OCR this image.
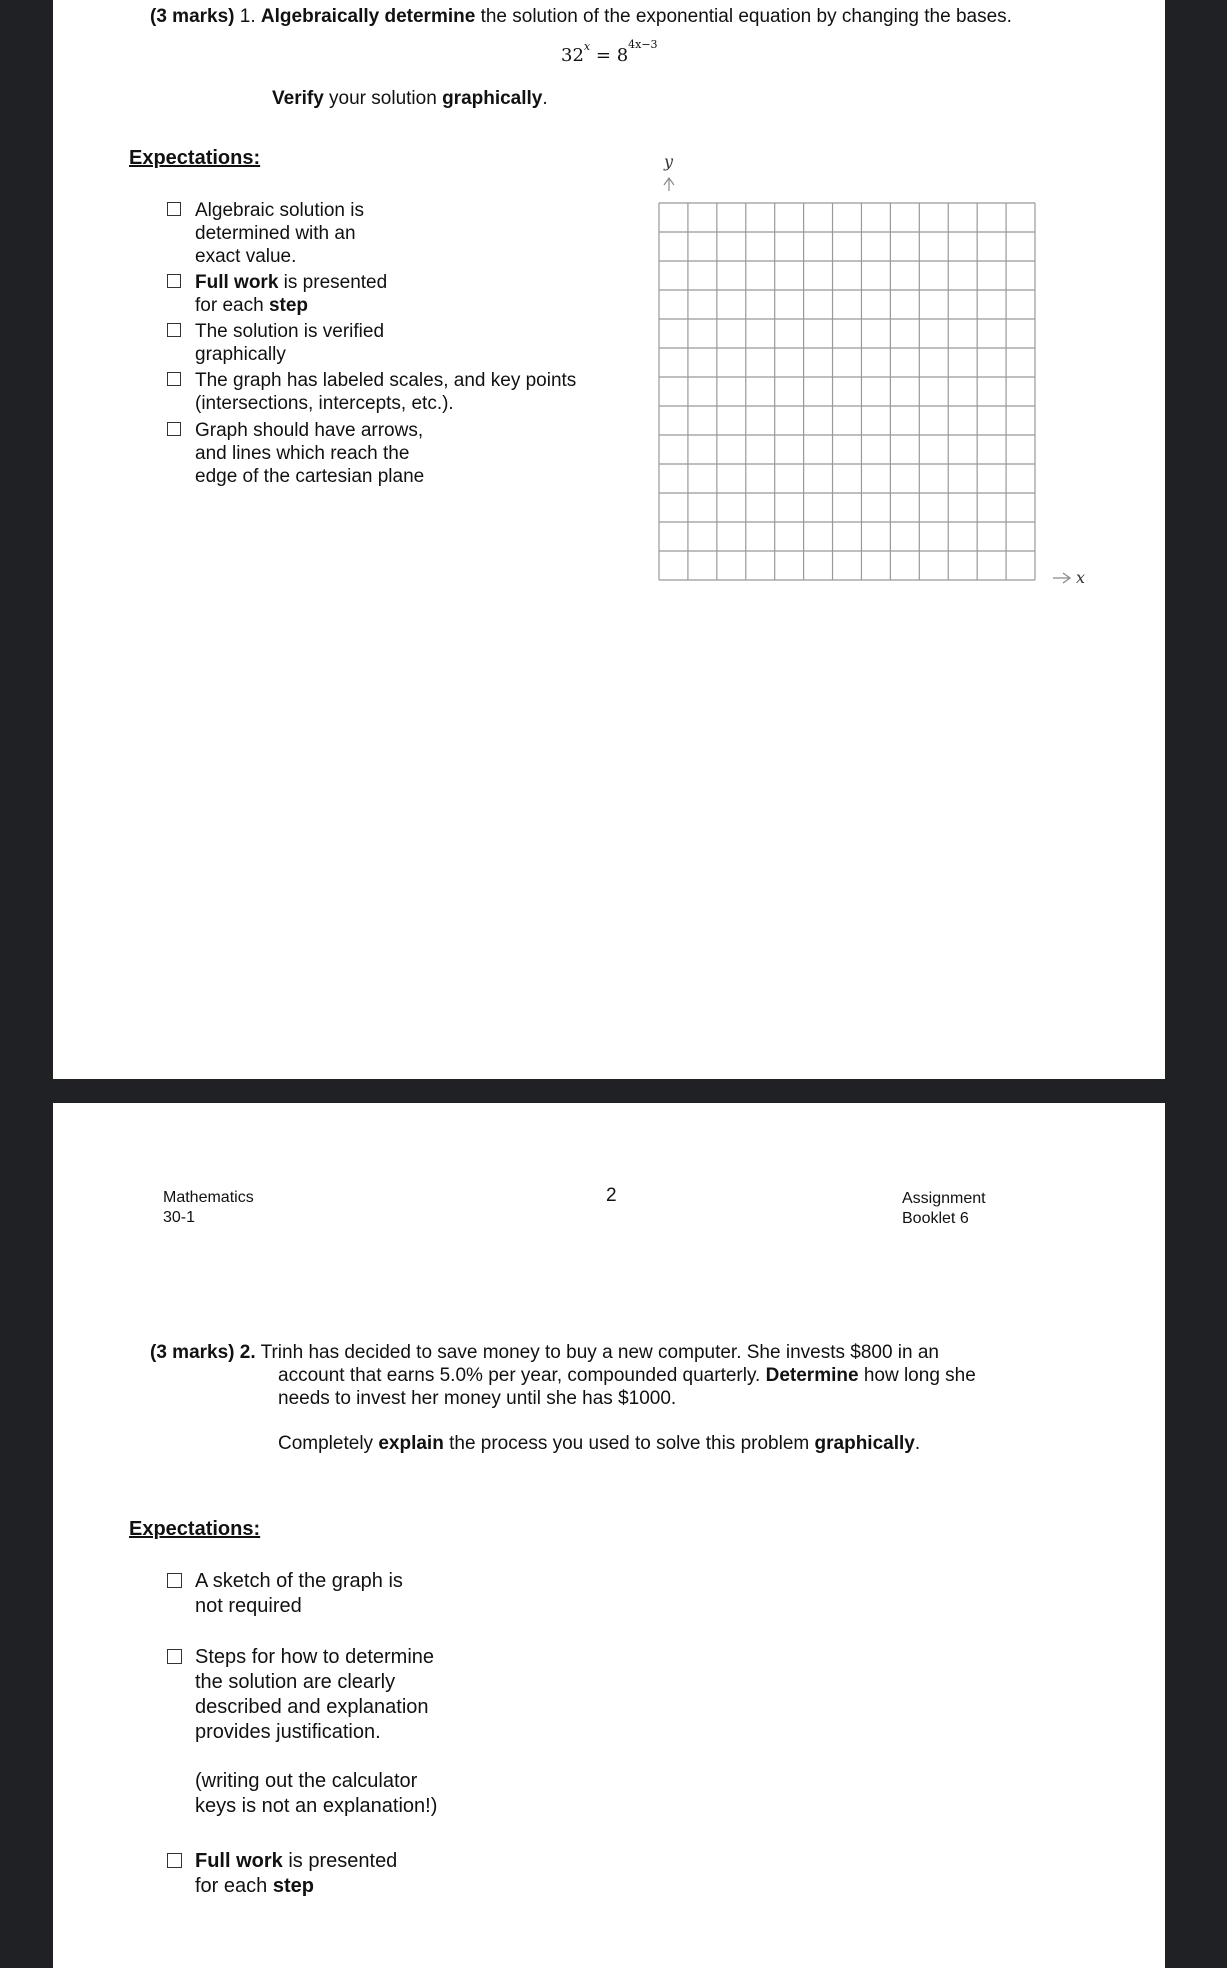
(3 marks) 1. Algebraically determine the solution of the exponential equation by changing the bases.
$32^x = 8^{4x-3}$
Verify your solution graphically.
Expectations:
Algebraic solution is
determined with an
exact value.
Full work is presented
for each step
The solution is verified
graphically
The graph has labeled scales, and key points
(intersections, intercepts, etc.).
Graph should have arrows,
and lines which reach the
edge of the cartesian plane
y
x
Mathematics
30-1
2	Assignment
Booklet 6
(3 marks) 2. Trinh has decided to save money to buy a new computer. She invests $800 in an
account that earns 5.0% per year, compounded quarterly. Determine how long she
needs to invest her money until she has $1000.
Completely explain the process you used to solve this problem graphically.
Expectations:
A sketch of the graph is
not required
Steps for how to determine
the solution are clearly
described and explanation
provides justification.
(writing out the calculator
keys is not an explanation!)
Full work is presented
for each step
